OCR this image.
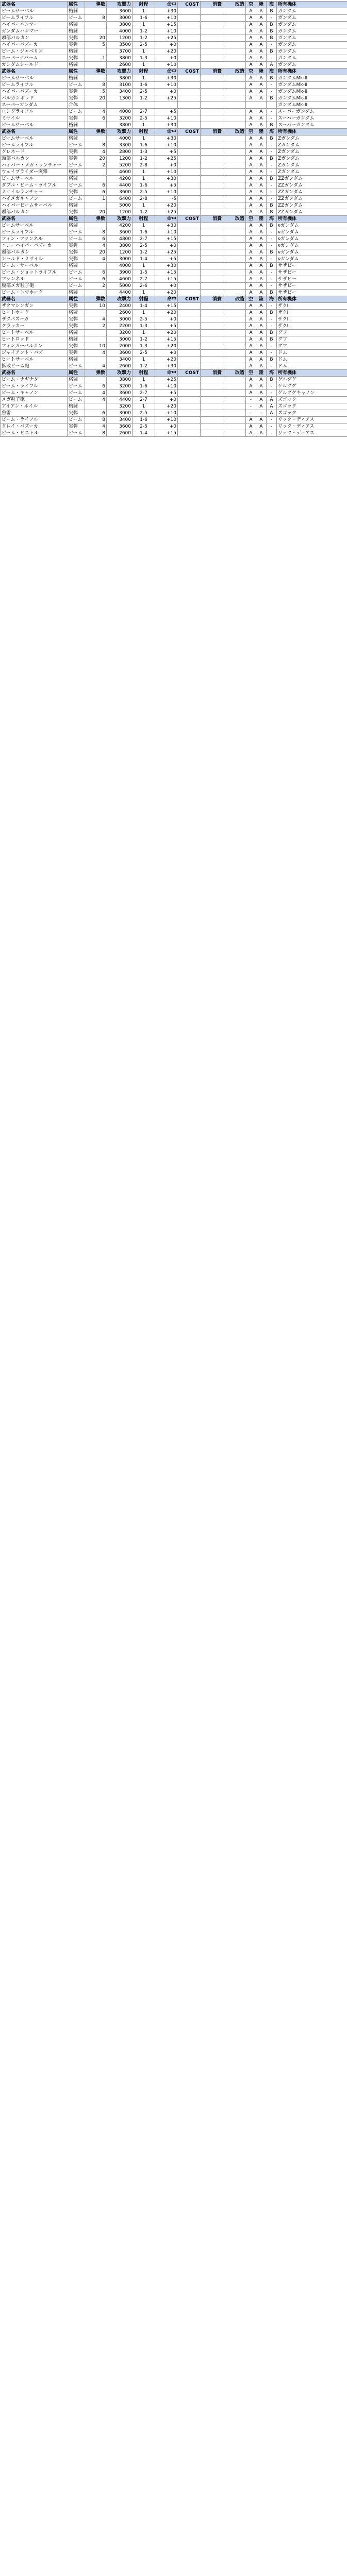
武器名	属性	弾数	攻撃力	射程	命中	COST	消費	改造	空	陸	海	所有機体
ビームサーベル	格闘		3600	1	+30				A	A	B	ガンダム
ビームライフル	ビーム	8	3000	1-6	+10				A	A	-	ガンダム
ハイパーハンマー	格闘		3800	1	+15				A	A	B	ガンダム
ガンダムハンマー	格闘		4000	1-2	+10				A	A	B	ガンダム
頭部バルカン	実弾	20	1200	1-2	+25				A	A	B	ガンダム
ハイパーバズーカ	実弾	5	3500	2-5	+0				A	A	-	ガンダム
ビーム・ジャベリン	格闘		3700	1	+20				A	A	B	ガンダム
スーパーナパーム	実弾	1	3800	1-3	+0				A	A	-	ガンダム
ガンダムシールド	格闘		2600	1	+10				A	A	A	ガンダム
武器名	属性	弾数	攻撃力	射程	命中	COST	消費	改造	空	陸	海	所有機体
ビームサーベル	格闘		3800	1	+30				A	A	B	ガンダムMk-II
ビームライフル	ビーム	8	3100	1-6	+10				A	A	-	ガンダムMk-II
ハイパーバズーカ	実弾	5	3400	2-5	+0				A	A	-	ガンダムMk-II
バルカンポッド	実弾	20	1300	1-2	+25				A	A	B	ガンダムMk-II
スーパーガンダム	合体											ガンダムMk-II
ロングライフル	ビーム	4	4000	2-7	+5				A	A	-	スーパーガンダム
ミサイル	実弾	6	3200	2-5	+10				A	A	-	スーパーガンダム
ビームサーベル	格闘		3800	1	+30				A	A	B	スーパーガンダム
武器名	属性	弾数	攻撃力	射程	命中	COST	消費	改造	空	陸	海	所有機体
ビームサーベル	格闘		4000	1	+30				A	A	B	Zガンダム
ビームライフル	ビーム	8	3300	1-6	+10				A	A	-	Zガンダム
グレネード	実弾	4	2800	1-3	+5				A	A	-	Zガンダム
頭部バルカン	実弾	20	1200	1-2	+25				A	A	B	Zガンダム
ハイパー・メガ・ランチャー	ビーム	2	5200	2-8	+0				A	A	-	Zガンダム
ウェイブライダー突撃	格闘		4600	1	+10				A	A	-	Zガンダム
ビームサーベル	格闘		4200	1	+30				A	A	B	ZZガンダム
ダブル・ビーム・ライフル	ビーム	6	4400	1-6	+5				A	A	-	ZZガンダム
ミサイルランチャー	実弾	6	3600	2-5	+10				A	A	-	ZZガンダム
ハイメガキャノン	ビーム	1	6400	2-8	-5				A	A	-	ZZガンダム
ハイパービームサーベル	格闘		5000	1	+20				A	A	B	ZZガンダム
頭部バルカン	実弾	20	1200	1-2	+25				A	A	B	ZZガンダム
武器名	属性	弾数	攻撃力	射程	命中	COST	消費	改造	空	陸	海	所有機体
ビームサーベル	格闘		4200	1	+30				A	A	B	νガンダム
ビームライフル	ビーム	8	3600	1-6	+10				A	A	-	νガンダム
フィン・ファンネル	ビーム	6	4800	2-7	+15				A	A	-	νガンダム
ニューハイパーバズーカ	実弾	4	3800	2-5	+0				A	A	-	νガンダム
頭部バルカン	実弾	20	1200	1-2	+25				A	A	B	νガンダム
シールド・ミサイル	実弾	4	3000	1-4	+5				A	A	-	νガンダム
ビーム・サーベル	格闘		4000	1	+30				A	A	B	サザビー
ビーム・ショットライフル	ビーム	6	3900	1-5	+15				A	A	-	サザビー
ファンネル	ビーム	6	4600	2-7	+15				A	A	-	サザビー
腹部メガ粒子砲	ビーム	2	5000	2-6	+0				A	A	-	サザビー
ビーム・トマホーク	格闘		4400	1	+20				A	A	B	サザビー
武器名	属性	弾数	攻撃力	射程	命中	COST	消費	改造	空	陸	海	所有機体
ザクマシンガン	実弾	10	2400	1-4	+15				A	A	-	ザクII
ヒートホーク	格闘		2600	1	+20				A	A	B	ザクII
ザクバズーカ	実弾	4	3000	2-5	+0				A	A	-	ザクII
クラッカー	実弾	2	2200	1-3	+5				A	A	-	ザクII
ヒートサーベル	格闘		3200	1	+20				A	A	B	グフ
ヒートロッド	格闘		3000	1-2	+15				A	A	B	グフ
フィンガーバルカン	実弾	10	2000	1-3	+20				A	A	-	グフ
ジャイアント・バズ	実弾	4	3600	2-5	+0				A	A	-	ドム
ヒートサーベル	格闘		3400	1	+20				A	A	B	ドム
拡散ビーム砲	ビーム	4	2600	1-2	+30				A	A	-	ドム
武器名	属性	弾数	攻撃力	射程	命中	COST	消費	改造	空	陸	海	所有機体
ビーム・ナギナタ	格闘		3800	1	+25				A	A	B	ゲルググ
ビーム・ライフル	ビーム	6	3200	1-6	+10				A	A	-	ゲルググ
ビーム・キャノン	ビーム	4	3600	2-7	+5				A	A	-	ゲルググキャノン
メガ粒子砲	ビーム	4	4400	2-7	+0				-	A	A	ズゴック
アイアン・ネイル	格闘		3200	1	+20				-	A	A	ズゴック
魚雷	実弾	6	3000	2-5	+10				-	-	A	ズゴック
ビーム・ライフル	ビーム	8	3400	1-6	+10				A	A	-	リック・ディアス
クレイ・バズーカ	実弾	4	3600	2-5	+0				A	A	-	リック・ディアス
ビーム・ピストル	ビーム	8	2600	1-4	+15				A	A	-	リック・ディアス
